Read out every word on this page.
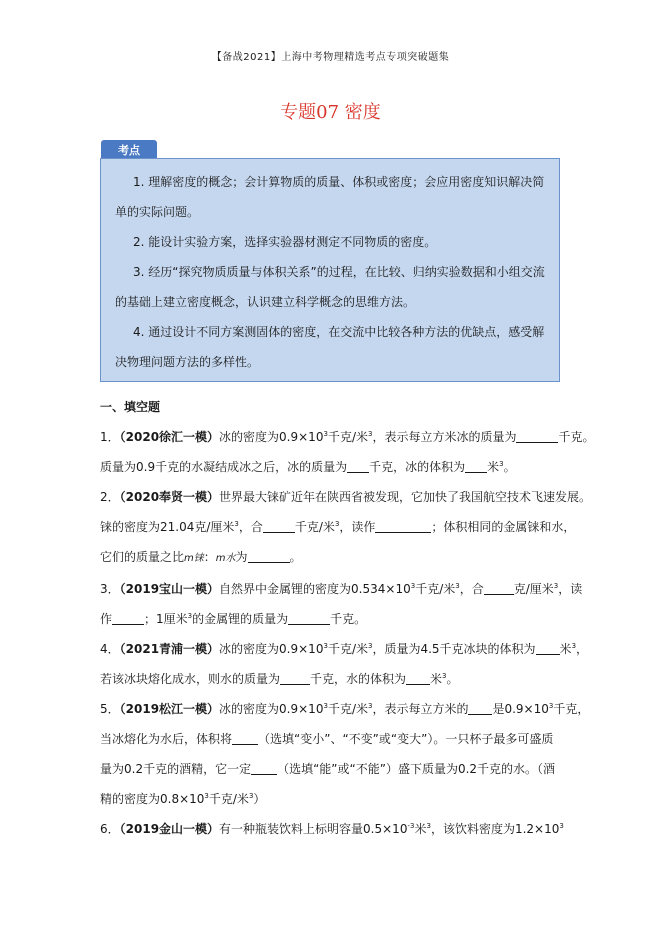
【备战2021】上海中考物理精选考点专项突破题集
专题07 密度
考点

1. 理解密度的概念；会计算物质的质量、体积或密度；会应用密度知识解决简单的实际问题。

2. 能设计实验方案，选择实验器材测定不同物质的密度。

3. 经历“探究物质质量与体积关系”的过程，在比较、归纳实验数据和小组交流的基础上建立密度概念，认识建立科学概念的思维方法。

4. 通过设计不同方案测固体的密度，在交流中比较各种方法的优缺点，感受解决物理问题方法的多样性。

一、填空题

1．（2020徐汇一模）冰的密度为$0.9\times 10^3$千克/米$^3$，表示每立方米冰的质量为	千克。

质量为0.9千克的水凝结成冰之后，冰的质量为 千克，冰的体积为 米$^3$。

2．（2020奉贤一模）世界最大铼矿近年在陕西省被发现，它加快了我国航空技术飞速发展。

铼的密度为21.04克/厘米$^3$，合	千克/米$^3$，读作	；体积相同的金属铼和水，

它们的质量之比m铼：m水为	。

3．（2019宝山一模）自然界中金属锂的密度为$0.534\times 10^3$千克/米$^3$，合	克/厘米$^3$，读

作	；1厘米$^3$的金属锂的质量为	千克。

4．（2021青浦一模）冰的密度为$0.9\times 10^3$千克/米$^3$，质量为4.5千克冰块的体积为 米$^3$，

若该冰块熔化成水，则水的质量为	千克，水的体积为 米$^3$。

5．（2019松江一模）冰的密度为$0.9\times 10^3$千克/米$^3$，表示每立方米的 是$0.9\times 10^3$千克，

当冰熔化为水后，体积将 （选填“变小”、“不变”或“变大”）。一只杯子最多可盛质

量为0.2千克的酒精，它一定 （选填“能”或“不能”）盛下质量为0.2千克的水。（酒

精的密度为$0.8\times 10^3$千克/米$^3$）

6．（2019金山一模）有一种瓶装饮料上标明容量$0.5\times 10^{-3}$米$^3$，该饮料密度为$1.2\times 10^3$
